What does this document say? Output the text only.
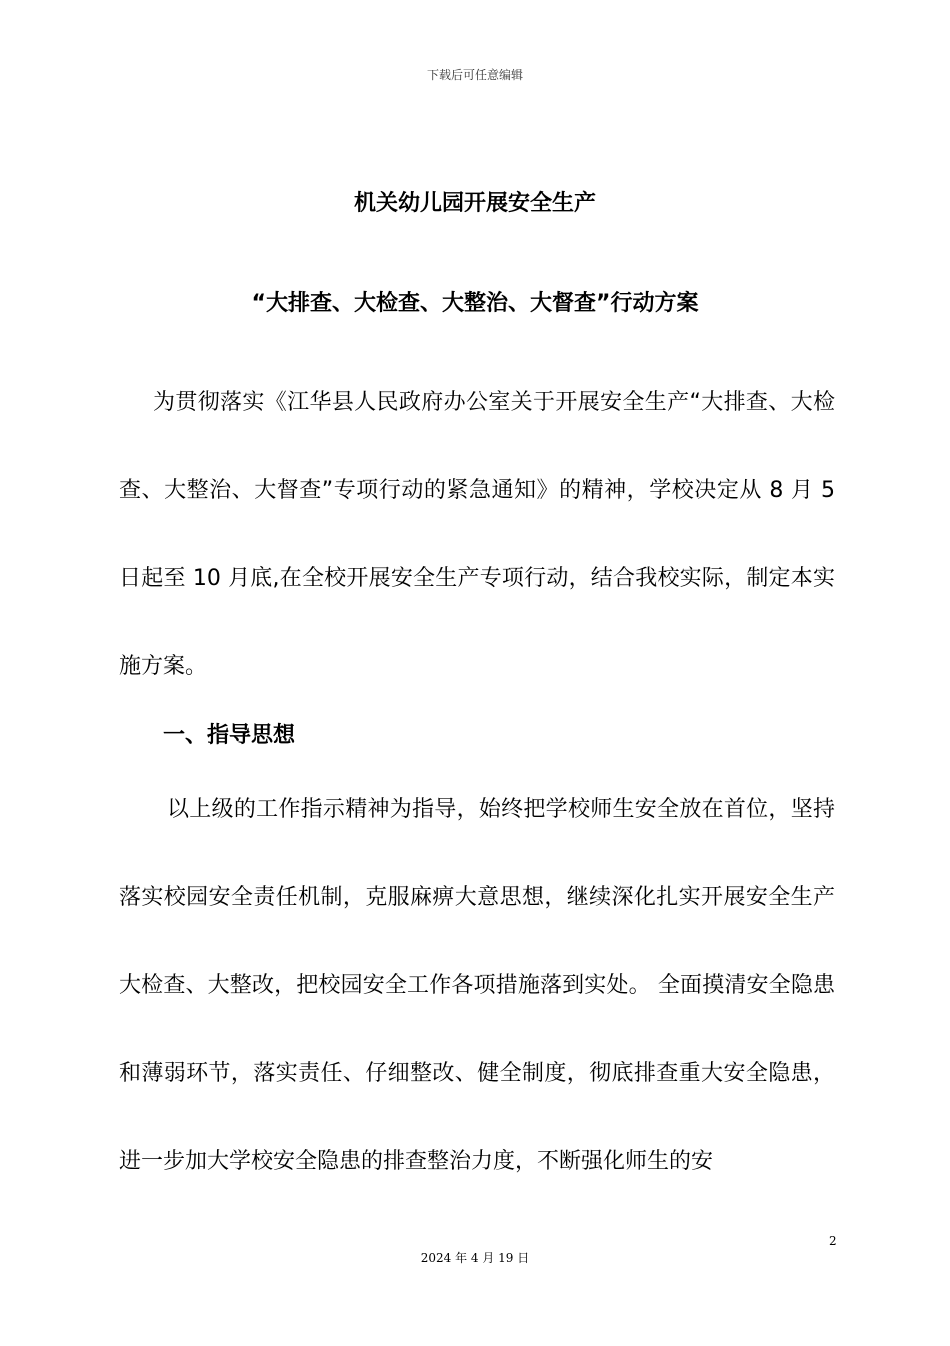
下载后可任意编辑
机关幼儿园开展安全生产
“大排查、大检查、大整治、大督查”行动方案
为贯彻落实《江华县人民政府办公室关于开展安全生产“大排查、大检查、大整治、大督查”专项行动的紧急通知》的精神，学校决定从 8 月 5 日起至 10 月底,在全校开展安全生产专项行动，结合我校实际，制定本实施方案。
一、指导思想
以上级的工作指示精神为指导，始终把学校师生安全放在首位，坚持落实校园安全责任机制，克服麻痹大意思想，继续深化扎实开展安全生产大检查、大整改，把校园安全工作各项措施落到实处。 全面摸清安全隐患和薄弱环节，落实责任、仔细整改、健全制度，彻底排查重大安全隐患，进一步加大学校安全隐患的排查整治力度，不断强化师生的安
2
2024 年 4 月 19 日
